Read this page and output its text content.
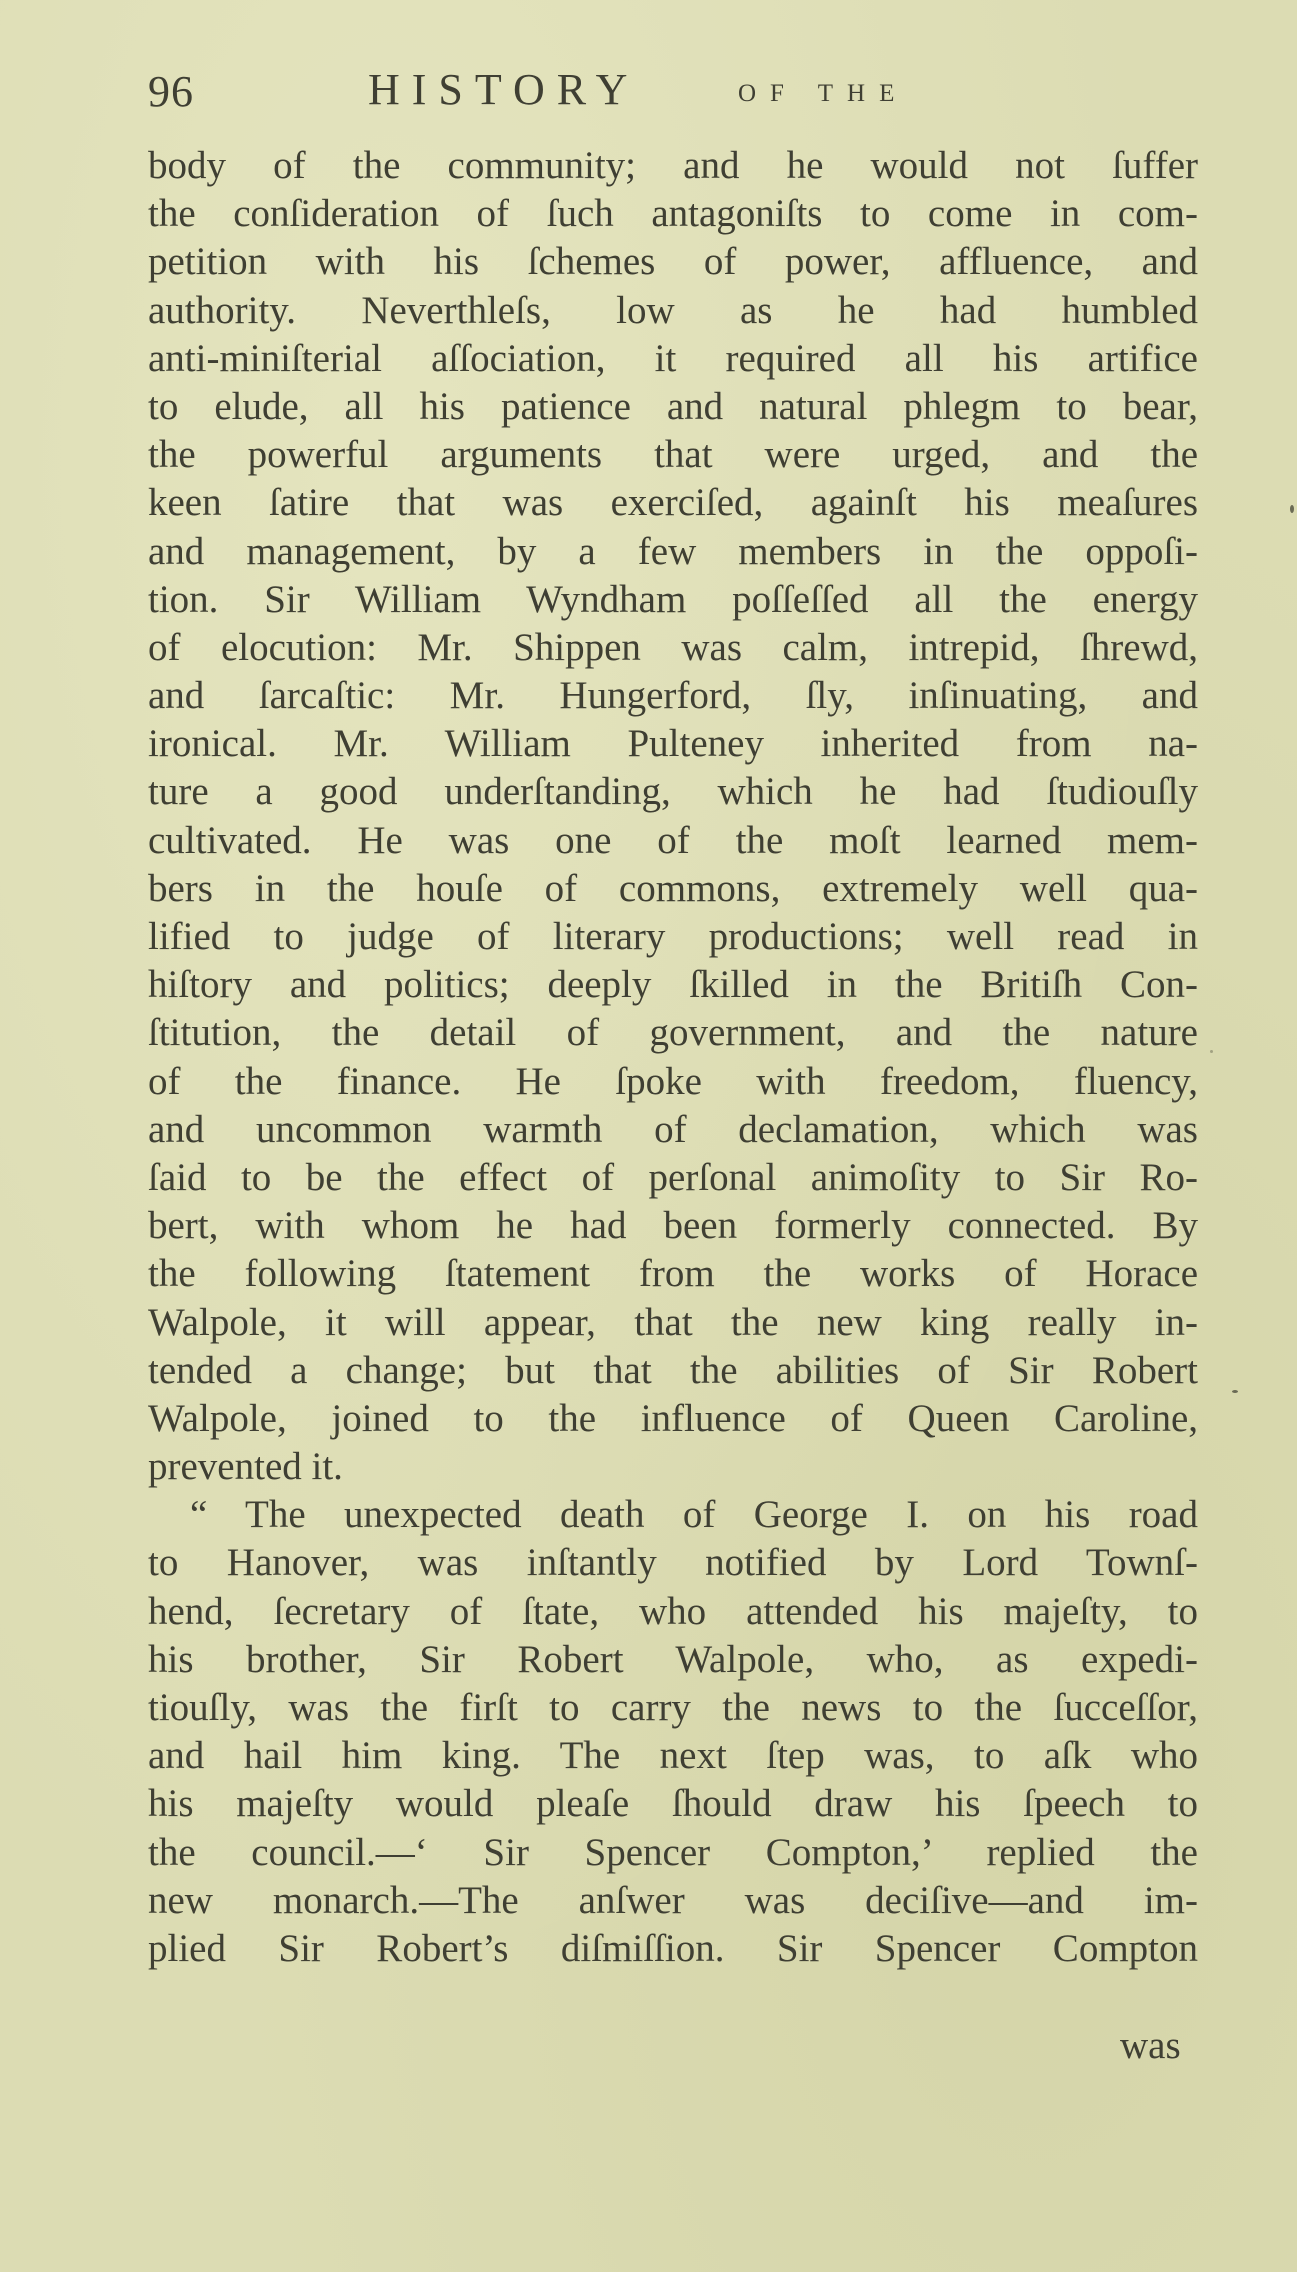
96	HISTORY	OF THE
body of the community; and he would not ſuffer
the conſideration of ſuch antagoniſts to come in com-
petition with his ſchemes of power, affluence, and
authority. Neverthleſs, low as he had humbled
anti-miniſterial aſſociation, it required all his artifice
to elude, all his patience and natural phlegm to bear,
the powerful arguments that were urged, and the
keen ſatire that was exerciſed, againſt his meaſures
and management, by a few members in the oppoſi-
tion. Sir William Wyndham poſſeſſed all the energy
of elocution: Mr. Shippen was calm, intrepid, ſhrewd,
and ſarcaſtic: Mr. Hungerford, ſly, inſinuating, and
ironical. Mr. William Pulteney inherited from na-
ture a good underſtanding, which he had ſtudiouſly
cultivated. He was one of the moſt learned mem-
bers in the houſe of commons, extremely well qua-
lified to judge of literary productions; well read in
hiſtory and politics; deeply ſkilled in the Britiſh Con-
ſtitution, the detail of government, and the nature
of the finance. He ſpoke with freedom, fluency,
and uncommon warmth of declamation, which was
ſaid to be the effect of perſonal animoſity to Sir Ro-
bert, with whom he had been formerly connected. By
the following ſtatement from the works of Horace
Walpole, it will appear, that the new king really in-
tended a change; but that the abilities of Sir Robert
Walpole, joined to the influence of Queen Caroline,
prevented it.
“ The unexpected death of George I. on his road
to Hanover, was inſtantly notified by Lord Townſ-
hend, ſecretary of ſtate, who attended his majeſty, to
his brother, Sir Robert Walpole, who, as expedi-
tiouſly, was the firſt to carry the news to the ſucceſſor,
and hail him king. The next ſtep was, to aſk who
his majeſty would pleaſe ſhould draw his ſpeech to
the council.—‘ Sir Spencer Compton,’ replied the
new monarch.—The anſwer was deciſive—and im-
plied Sir Robert’s diſmiſſion. Sir Spencer Compton
was
